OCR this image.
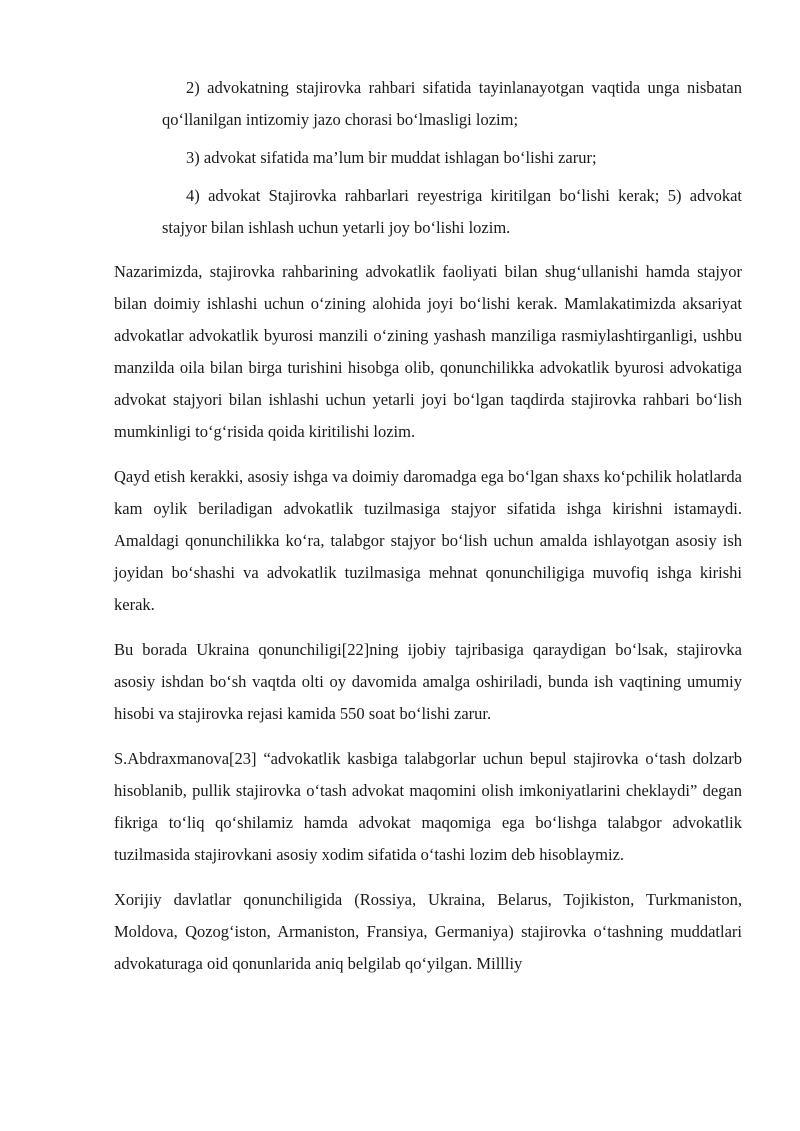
2) advokatning stajirovka rahbari sifatida tayinlanayotgan vaqtida unga nisbatan qo‘llanilgan intizomiy jazo chorasi bo‘lmasligi lozim;

3) advokat sifatida ma’lum bir muddat ishlagan bo‘lishi zarur;

4) advokat Stajirovka rahbarlari reyestriga kiritilgan bo‘lishi kerak; 5) advokat stajyor bilan ishlash uchun yetarli joy bo‘lishi lozim.

Nazarimizda, stajirovka rahbarining advokatlik faoliyati bilan shug‘ullanishi hamda stajyor bilan doimiy ishlashi uchun o‘zining alohida joyi bo‘lishi kerak. Mamlakatimizda aksariyat advokatlar advokatlik byurosi manzili o‘zining yashash manziliga rasmiylashtirganligi, ushbu manzilda oila bilan birga turishini hisobga olib, qonunchilikka advokatlik byurosi advokatiga advokat stajyori bilan ishlashi uchun yetarli joyi bo‘lgan taqdirda stajirovka rahbari bo‘lish mumkinligi to‘g‘risida qoida kiritilishi lozim.

Qayd etish kerakki, asosiy ishga va doimiy daromadga ega bo‘lgan shaxs ko‘pchilik holatlarda kam oylik beriladigan advokatlik tuzilmasiga stajyor sifatida ishga kirishni istamaydi. Amaldagi qonunchilikka ko‘ra, talabgor stajyor bo‘lish uchun amalda ishlayotgan asosiy ish joyidan bo‘shashi va advokatlik tuzilmasiga mehnat qonunchiligiga muvofiq ishga kirishi kerak.

Bu borada Ukraina qonunchiligi[22]ning ijobiy tajribasiga qaraydigan bo‘lsak, stajirovka asosiy ishdan bo‘sh vaqtda olti oy davomida amalga oshiriladi, bunda ish vaqtining umumiy hisobi va stajirovka rejasi kamida 550 soat bo‘lishi zarur.

S.Abdraxmanova[23] “advokatlik kasbiga talabgorlar uchun bepul stajirovka o‘tash dolzarb hisoblanib, pullik stajirovka o‘tash advokat maqomini olish imkoniyatlarini cheklaydi” degan fikriga to‘liq qo‘shilamiz hamda advokat maqomiga ega bo‘lishga talabgor advokatlik tuzilmasida stajirovkani asosiy xodim sifatida o‘tashi lozim deb hisoblaymiz.

Xorijiy davlatlar qonunchiligida (Rossiya, Ukraina, Belarus, Tojikiston, Turkmaniston, Moldova, Qozog‘iston, Armaniston, Fransiya, Germaniya) stajirovka o‘tashning muddatlari advokaturaga oid qonunlarida aniq belgilab qo‘yilgan. Millliy
